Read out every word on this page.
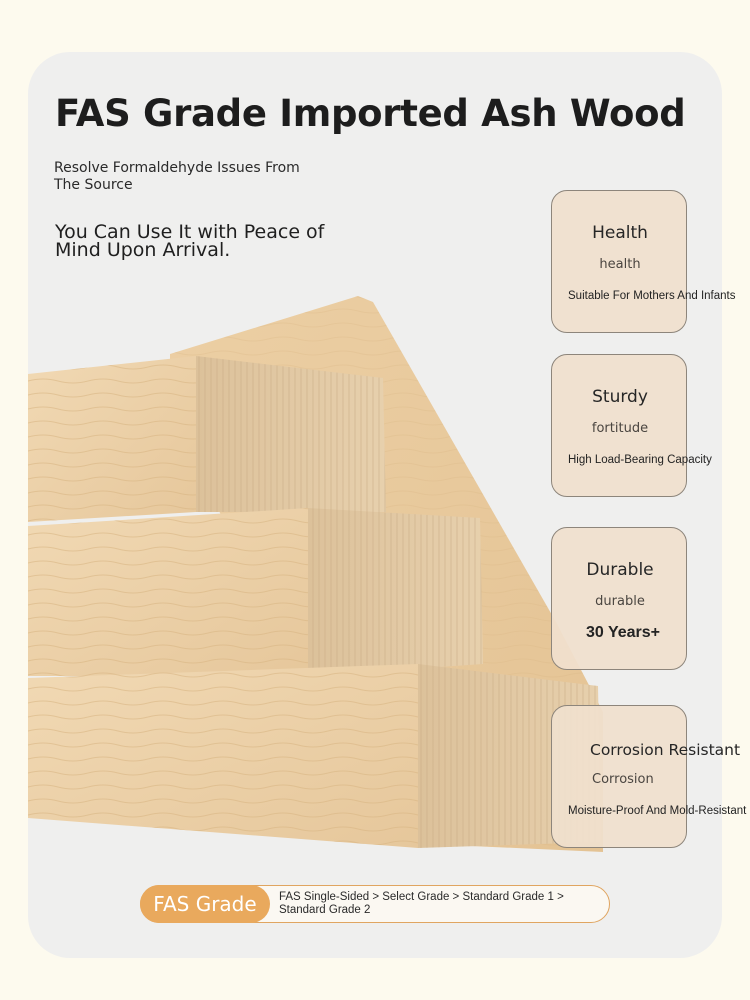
FAS Grade Imported Ash Wood
Resolve Formaldehyde Issues From The Source
You Can Use It with Peace of Mind Upon Arrival.
Health
health
Suitable For Mothers And Infants
Sturdy
fortitude
High Load-Bearing Capacity
Durable
durable
30 Years+
Corrosion Resistant
Corrosion
Moisture-Proof And Mold-Resistant
FAS Grade	FAS Single-Sided > Select Grade > Standard Grade 1 > Standard Grade 2
